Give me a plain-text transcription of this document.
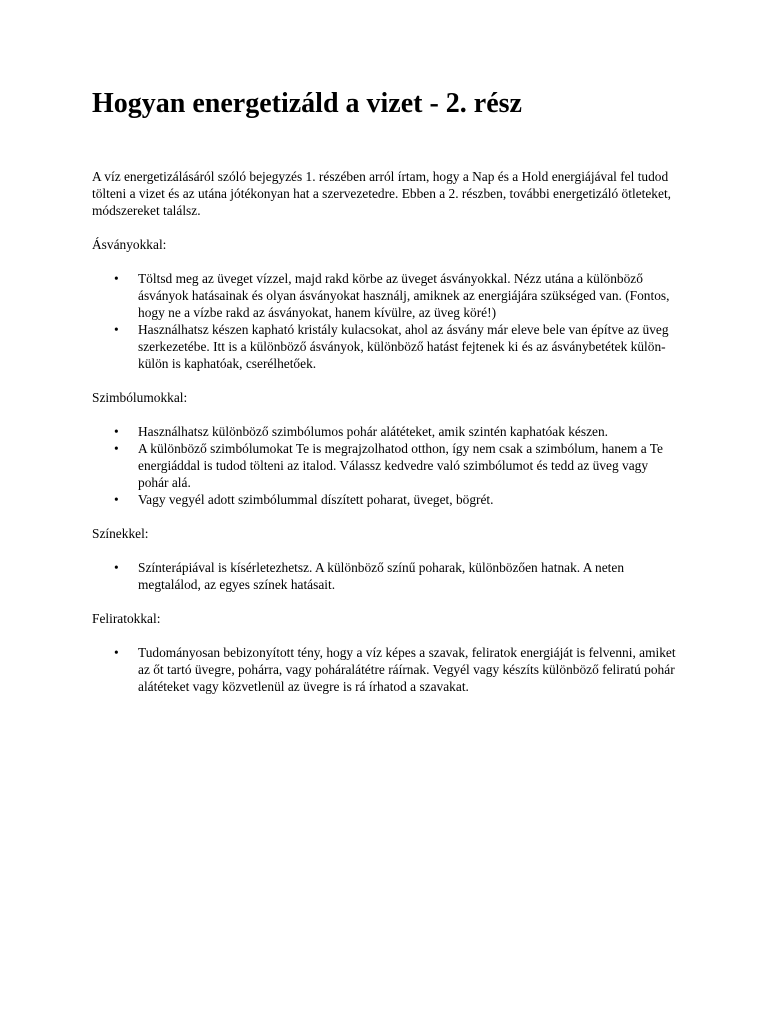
Hogyan energetizáld a vizet - 2. rész

A víz energetizálásáról szóló bejegyzés 1. részében arról írtam, hogy a Nap és a Hold energiájával fel tudod tölteni a vizet és az utána jótékonyan hat a szervezetedre. Ebben a 2. részben, további energetizáló ötleteket, módszereket találsz.

Ásványokkal:

• Töltsd meg az üveget vízzel, majd rakd körbe az üveget ásványokkal. Nézz utána a különböző ásványok hatásainak és olyan ásványokat használj, amiknek az energiájára szükséged van. (Fontos, hogy ne a vízbe rakd az ásványokat, hanem kívülre, az üveg köré!)
• Használhatsz készen kapható kristály kulacsokat, ahol az ásvány már eleve bele van építve az üveg szerkezetébe. Itt is a különböző ásványok, különböző hatást fejtenek ki és az ásványbetétek külön-külön is kaphatóak, cserélhetőek.

Szimbólumokkal:

• Használhatsz különböző szimbólumos pohár alátéteket, amik szintén kaphatóak készen.
• A különböző szimbólumokat Te is megrajzolhatod otthon, így nem csak a szimbólum, hanem a Te energiáddal is tudod tölteni az italod. Válassz kedvedre való szimbólumot és tedd az üveg vagy pohár alá.
• Vagy vegyél adott szimbólummal díszített poharat, üveget, bögrét.

Színekkel:

• Színterápiával is kísérletezhetsz. A különböző színű poharak, különbözően hatnak. A neten megtalálod, az egyes színek hatásait.

Feliratokkal:

• Tudományosan bebizonyított tény, hogy a víz képes a szavak, feliratok energiáját is felvenni, amiket az őt tartó üvegre, pohárra, vagy poháralátétre ráírnak. Vegyél vagy készíts különböző feliratú pohár alátéteket vagy közvetlenül az üvegre is rá írhatod a szavakat.
